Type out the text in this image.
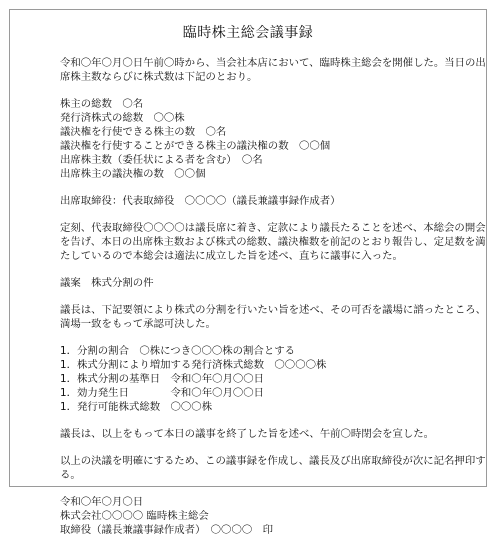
臨時株主総会議事録
令和〇年〇月〇日午前〇時から、当会社本店において、臨時株主総会を開催した。当日の出
席株主数ならびに株式数は下記のとおり。
株主の総数　〇名
発行済株式の総数　〇〇株
議決権を行使できる株主の数　〇名
議決権を行使することができる株主の議決権の数　〇〇個
出席株主数（委任状による者を含む）　〇名
出席株主の議決権の数　〇〇個
出席取締役：代表取締役　〇〇〇〇（議長兼議事録作成者）
定刻、代表取締役〇〇〇〇は議長席に着き、定款により議長たることを述べ、本総会の開会
を告げ、本日の出席株主数および株式の総数、議決権数を前記のとおり報告し、定足数を満
たしているので本総会は適法に成立した旨を述べ、直ちに議事に入った。
議案　株式分割の件
議長は、下記要領により株式の分割を行いたい旨を述べ、その可否を議場に諮ったところ、
満場一致をもって承認可決した。
1．分割の割合　〇株につき〇〇〇株の割合とする
1．株式分割により増加する発行済株式総数　〇〇〇〇株
1．株式分割の基準日　令和〇年〇月〇〇日
1．効力発生日　　　　令和〇年〇月〇〇日
1．発行可能株式総数　〇〇〇株
議長は、以上をもって本日の議事を終了した旨を述べ、午前〇時閉会を宣した。
以上の決議を明確にするため、この議事録を作成し、議長及び出席取締役が次に記名押印す
る。
令和〇年〇月〇日
株式会社〇〇〇〇 臨時株主総会
取締役（議長兼議事録作成者）　〇〇〇〇　印
